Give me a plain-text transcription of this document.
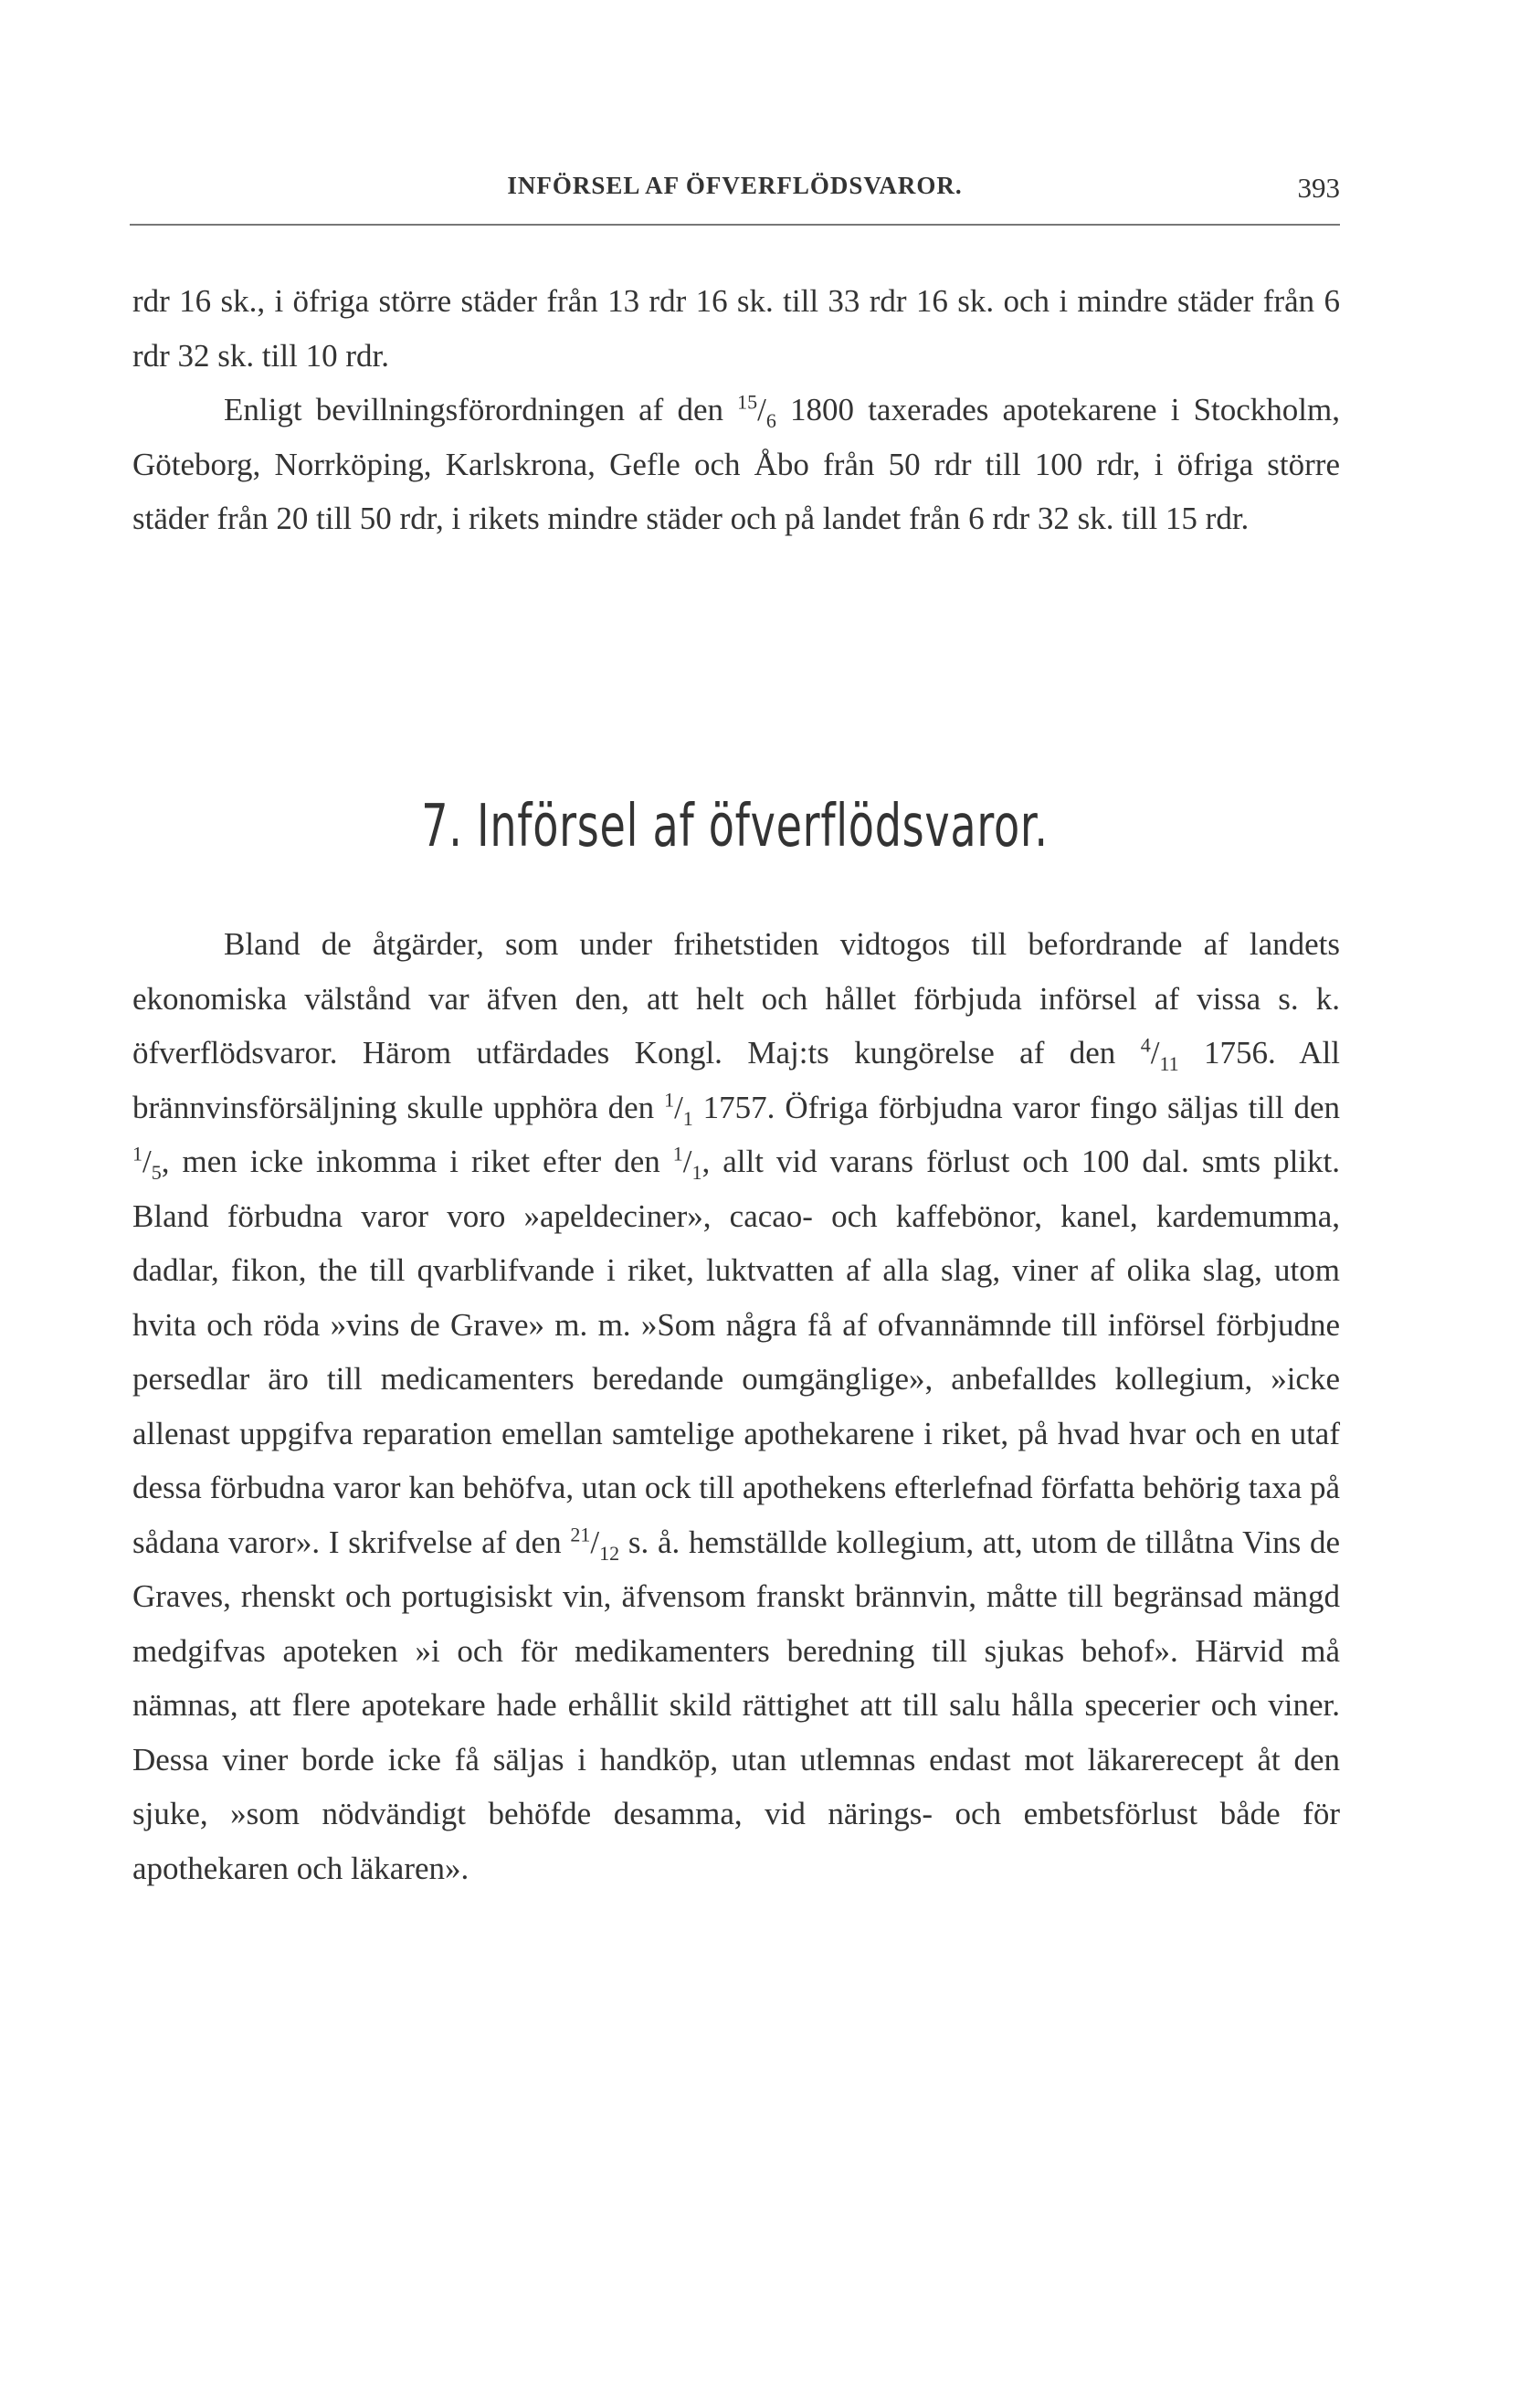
INFÖRSEL AF ÖFVERFLÖDSVAROR.	393

rdr 16 sk., i öfriga större städer från 13 rdr 16 sk. till 33 rdr 16 sk. och i mindre städer från 6 rdr 32 sk. till 10 rdr.

Enligt bevillningsförordningen af den $^{15}/_6$ 1800 taxerades apotekarene i Stockholm, Göteborg, Norrköping, Karlskrona, Gefle och Åbo från 50 rdr till 100 rdr, i öfriga större städer från 20 till 50 rdr, i rikets mindre städer och på landet från 6 rdr 32 sk. till 15 rdr.

7. Införsel af öfverflödsvaror.

Bland de åtgärder, som under frihetstiden vidtogos till befordrande af landets ekonomiska välstånd var äfven den, att helt och hållet förbjuda införsel af vissa s. k. öfverflödsvaror. Härom utfärdades Kongl. Maj:ts kungörelse af den $^4/_{11}$ 1756. All brännvinsförsäljning skulle upphöra den $^1/_1$ 1757. Öfriga förbjudna varor fingo säljas till den $^1/_5$, men icke inkomma i riket efter den $^1/_1$, allt vid varans förlust och 100 dal. smts plikt. Bland förbudna varor voro »apeldeciner», cacao- och kaffebönor, kanel, kardemumma, dadlar, fikon, the till qvarblifvande i riket, luktvatten af alla slag, viner af olika slag, utom hvita och röda »vins de Grave» m. m. »Som några få af ofvannämnde till införsel förbjudne persedlar äro till medicamenters beredande oumgänglige», anbefalldes kollegium, »icke allenast uppgifva reparation emellan samtelige apothekarene i riket, på hvad hvar och en utaf dessa förbudna varor kan behöfva, utan ock till apothekens efterlefnad författa behörig taxa på sådana varor». I skrifvelse af den $^{21}/_{12}$ s. å. hemställde kollegium, att, utom de tillåtna Vins de Graves, rhenskt och portugisiskt vin, äfvensom franskt brännvin, måtte till begränsad mängd medgifvas apoteken »i och för medikamenters beredning till sjukas behof». Härvid må nämnas, att flere apotekare hade erhållit skild rättighet att till salu hålla specerier och viner. Dessa viner borde icke få säljas i handköp, utan utlemnas endast mot läkarerecept åt den sjuke, »som nödvändigt behöfde desamma, vid närings- och embetsförlust både för apothekaren och läkaren».
